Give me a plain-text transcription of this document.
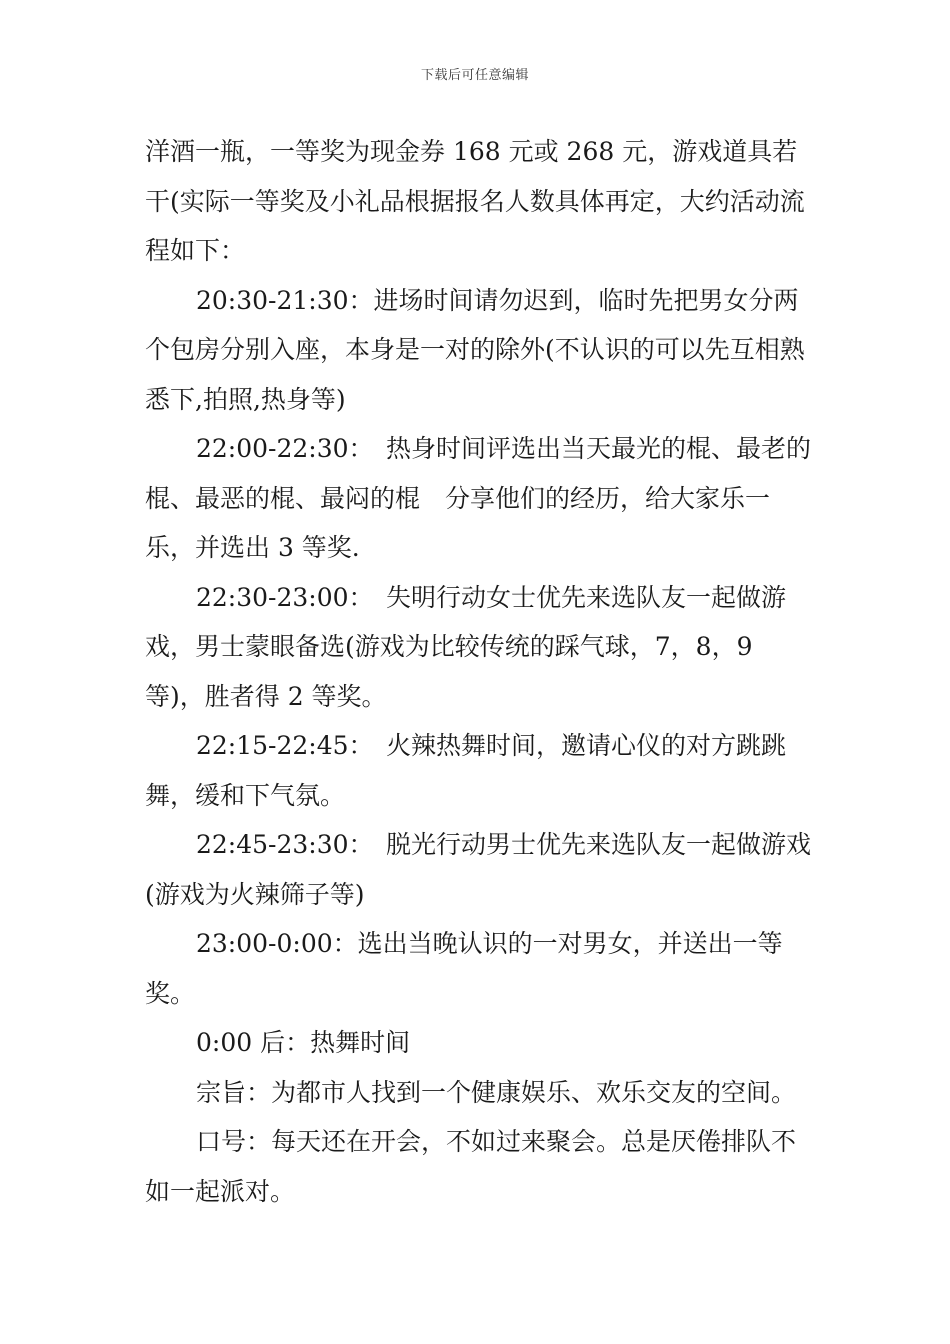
下载后可任意编辑

洋酒一瓶，一等奖为现金券 168 元或 268 元，游戏道具若干(实际一等奖及小礼品根据报名人数具体再定，大约活动流程如下：

20:30-21:30：进场时间请勿迟到，临时先把男女分两个包房分别入座，本身是一对的除外(不认识的可以先互相熟悉下,拍照,热身等)

22:00-22:30：　热身时间评选出当天最光的棍、最老的棍、最恶的棍、最闷的棍　分享他们的经历，给大家乐一乐，并选出 3 等奖.

22:30-23:00：　失明行动女士优先来选队友一起做游戏，男士蒙眼备选(游戏为比较传统的踩气球，7，8，9 等)，胜者得 2 等奖。

22:15-22:45：　火辣热舞时间，邀请心仪的对方跳跳舞，缓和下气氛。

22:45-23:30：　脱光行动男士优先来选队友一起做游戏(游戏为火辣筛子等)

23:00-0:00：选出当晚认识的一对男女，并送出一等奖。

0:00 后：热舞时间

宗旨：为都市人找到一个健康娱乐、欢乐交友的空间。

口号：每天还在开会，不如过来聚会。总是厌倦排队不如一起派对。
